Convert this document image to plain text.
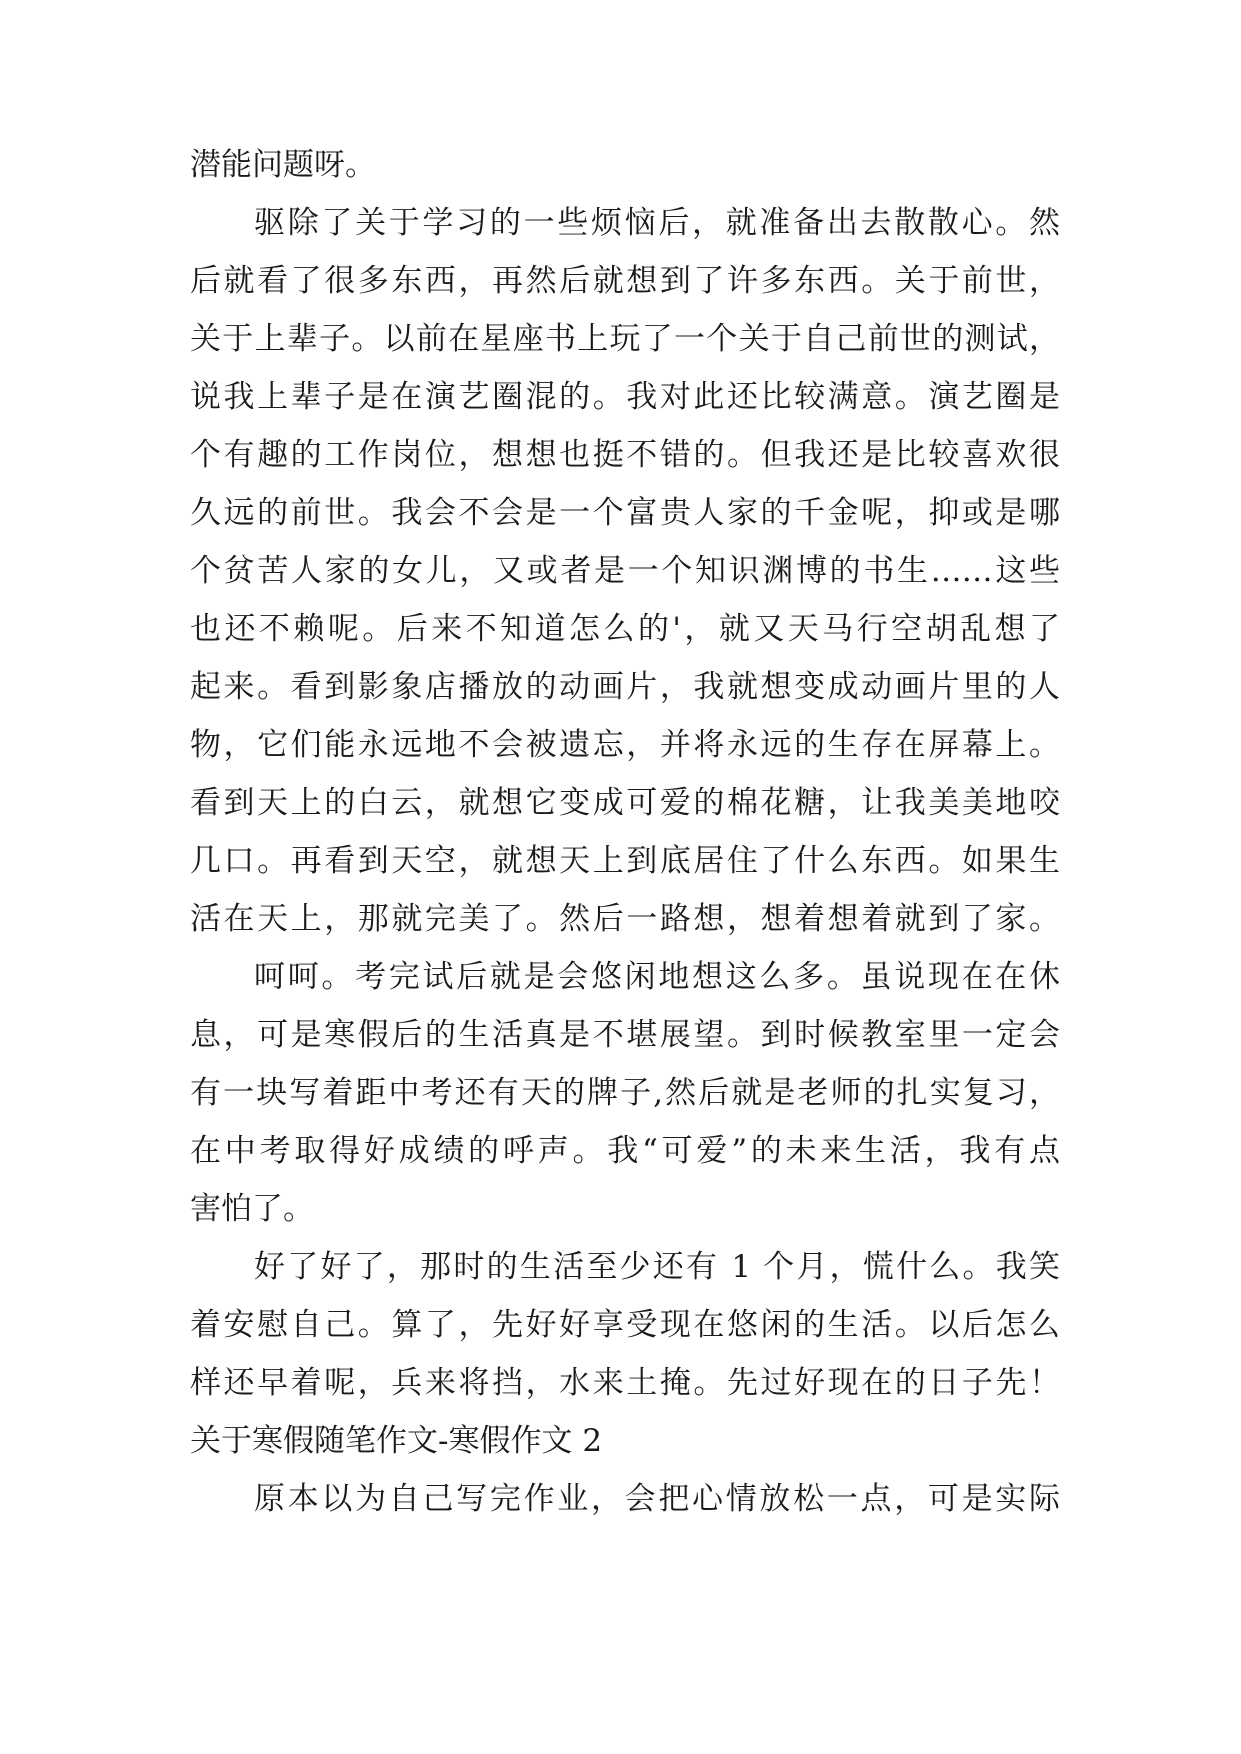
潜能问题呀。
驱除了关于学习的一些烦恼后，就准备出去散散心。然
后就看了很多东西，再然后就想到了许多东西。关于前世，
关于上辈子。以前在星座书上玩了一个关于自己前世的测试，
说我上辈子是在演艺圈混的。我对此还比较满意。演艺圈是
个有趣的工作岗位，想想也挺不错的。但我还是比较喜欢很
久远的前世。我会不会是一个富贵人家的千金呢，抑或是哪
个贫苦人家的女儿，又或者是一个知识渊博的书生……这些
也还不赖呢。后来不知道怎么的'，就又天马行空胡乱想了
起来。看到影象店播放的动画片，我就想变成动画片里的人
物，它们能永远地不会被遗忘，并将永远的生存在屏幕上。
看到天上的白云，就想它变成可爱的棉花糖，让我美美地咬
几口。再看到天空，就想天上到底居住了什么东西。如果生
活在天上，那就完美了。然后一路想，想着想着就到了家。
呵呵。考完试后就是会悠闲地想这么多。虽说现在在休
息，可是寒假后的生活真是不堪展望。到时候教室里一定会
有一块写着距中考还有天的牌子,然后就是老师的扎实复习，
在中考取得好成绩的呼声。我“可爱”的未来生活，我有点
害怕了。
好了好了，那时的生活至少还有 1 个月，慌什么。我笑
着安慰自己。算了，先好好享受现在悠闲的生活。以后怎么
样还早着呢，兵来将挡，水来土掩。先过好现在的日子先！
关于寒假随笔作文-寒假作文 2
原本以为自己写完作业，会把心情放松一点，可是实际
